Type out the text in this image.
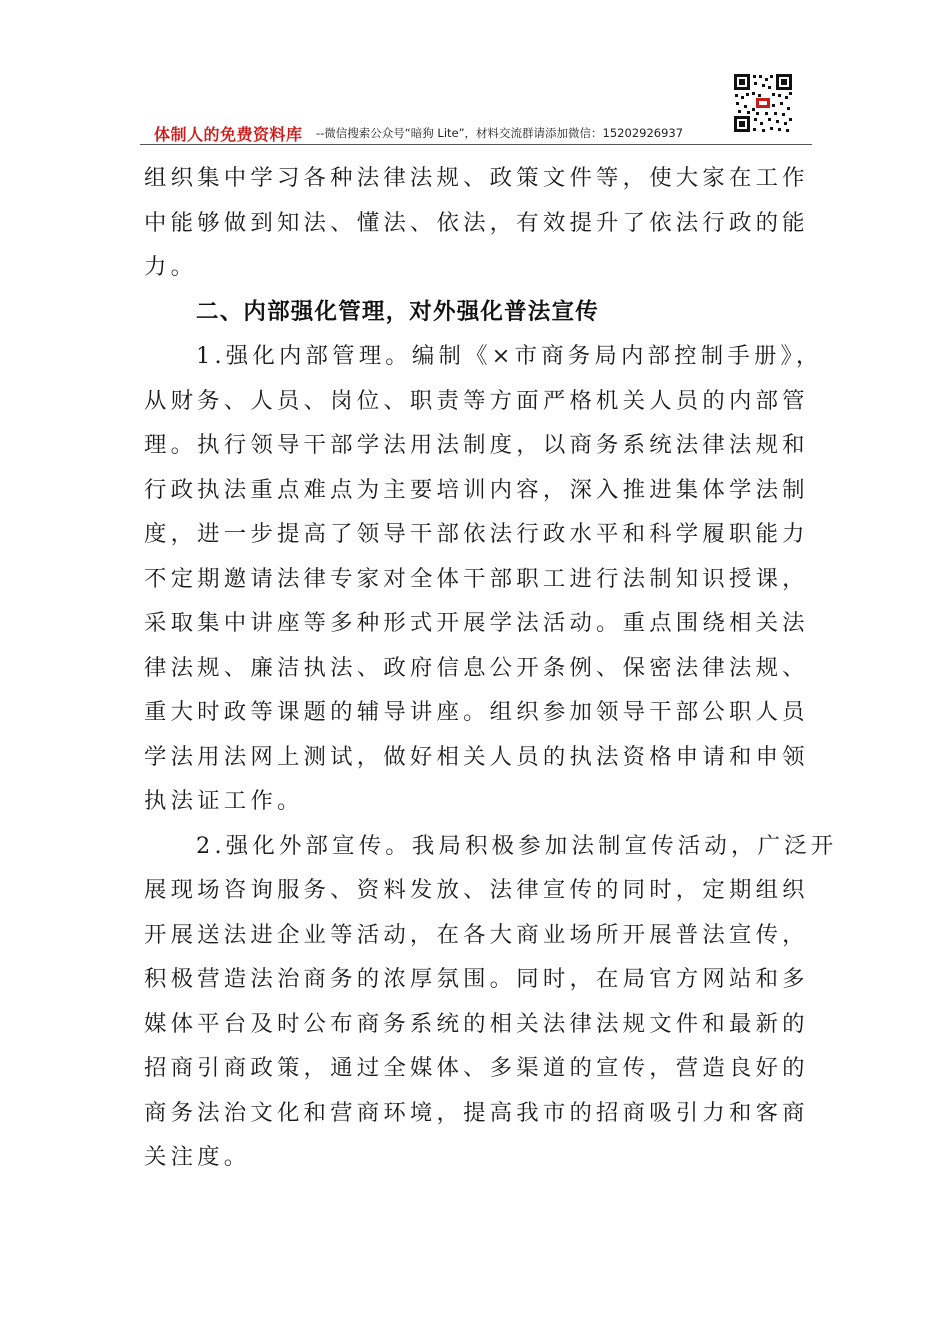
体制人的免费资料库 --微信搜索公众号“暗狗 Lite”，材料交流群请添加微信：15202926937
组织集中学习各种法律法规、政策文件等，使大家在工作
中能够做到知法、懂法、依法，有效提升了依法行政的能
力。
二、内部强化管理，对外强化普法宣传
1.强化内部管理。编制《×市商务局内部控制手册》，
从财务、人员、岗位、职责等方面严格机关人员的内部管
理。执行领导干部学法用法制度，以商务系统法律法规和
行政执法重点难点为主要培训内容，深入推进集体学法制
度，进一步提高了领导干部依法行政水平和科学履职能力
不定期邀请法律专家对全体干部职工进行法制知识授课，
采取集中讲座等多种形式开展学法活动。重点围绕相关法
律法规、廉洁执法、政府信息公开条例、保密法律法规、
重大时政等课题的辅导讲座。组织参加领导干部公职人员
学法用法网上测试，做好相关人员的执法资格申请和申领
执法证工作。
2.强化外部宣传。我局积极参加法制宣传活动，广泛开
展现场咨询服务、资料发放、法律宣传的同时，定期组织
开展送法进企业等活动，在各大商业场所开展普法宣传，
积极营造法治商务的浓厚氛围。同时，在局官方网站和多
媒体平台及时公布商务系统的相关法律法规文件和最新的
招商引商政策，通过全媒体、多渠道的宣传，营造良好的
商务法治文化和营商环境，提高我市的招商吸引力和客商
关注度。
